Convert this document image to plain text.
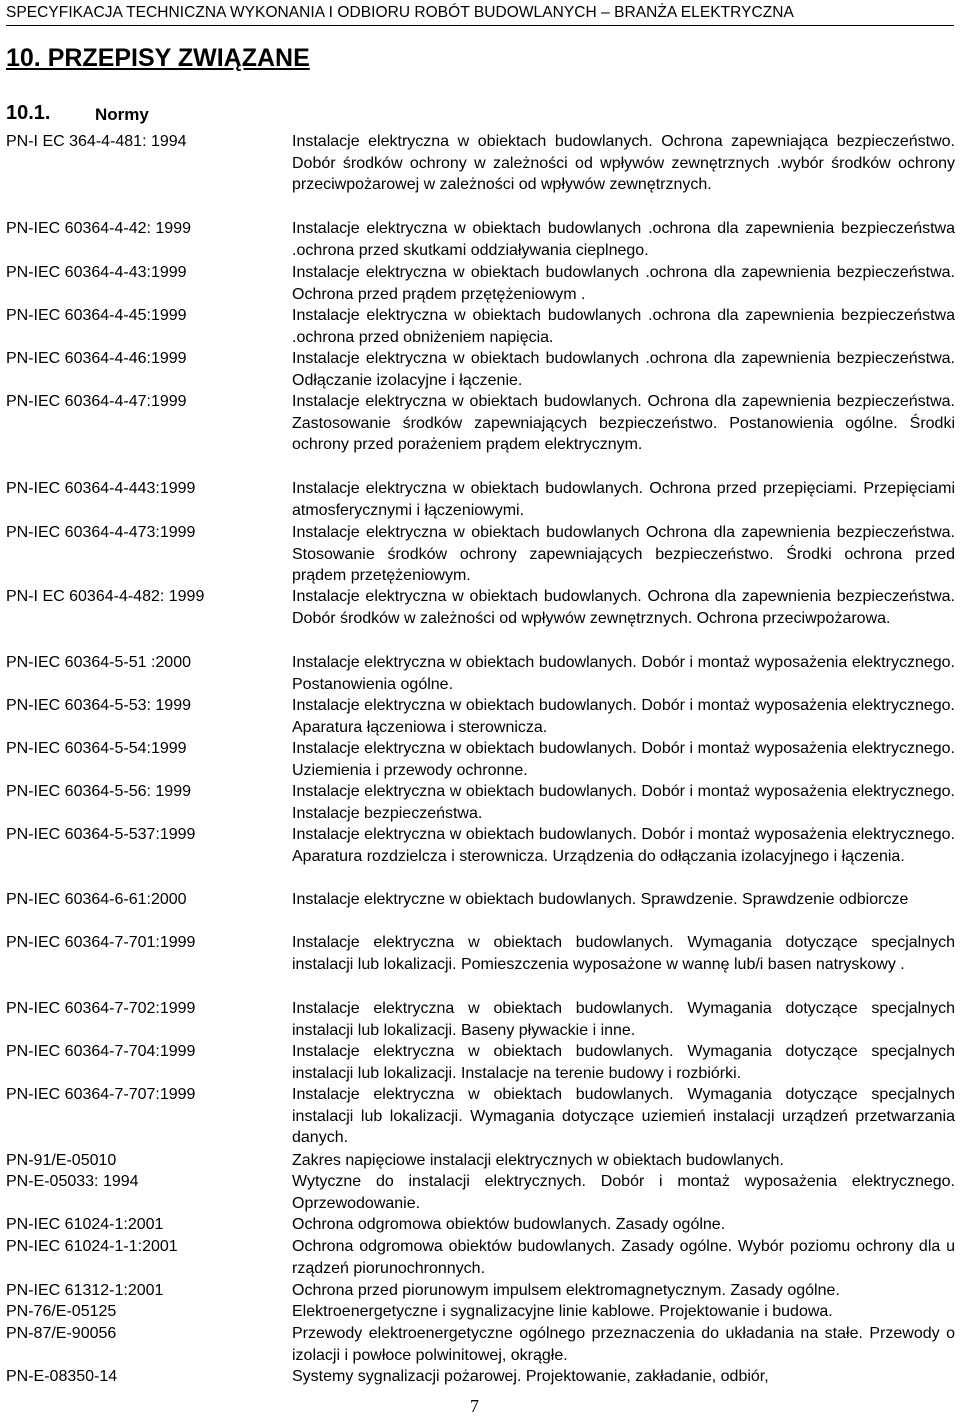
SPECYFIKACJA TECHNICZNA WYKONANIA I ODBIORU ROBÓT BUDOWLANYCH – BRANŻA ELEKTRYCZNA
10. PRZEPISY ZWIĄZANE
10.1.	Normy
PN-I EC 364-4-481: 1994	Instalacje elektryczna w obiektach budowlanych. Ochrona zapewniająca bezpieczeństwo. Dobór środków ochrony w zależności od wpływów zewnętrznych .wybór środków ochrony przeciwpożarowej w zależności od wpływów zewnętrznych.
PN-IEC 60364-4-42: 1999	Instalacje elektryczna w obiektach budowlanych .ochrona dla zapewnienia bezpieczeństwa .ochrona przed skutkami oddziaływania cieplnego.
PN-IEC 60364-4-43:1999	Instalacje elektryczna w obiektach budowlanych .ochrona dla zapewnienia bezpieczeństwa. Ochrona przed prądem przętężeniowym .
PN-IEC 60364-4-45:1999	Instalacje elektryczna w obiektach budowlanych .ochrona dla zapewnienia bezpieczeństwa .ochrona przed obniżeniem napięcia.
PN-IEC 60364-4-46:1999	Instalacje elektryczna w obiektach budowlanych .ochrona dla zapewnienia bezpieczeństwa. Odłączanie izolacyjne i łączenie.
PN-IEC 60364-4-47:1999	Instalacje elektryczna w obiektach budowlanych. Ochrona dla zapewnienia bezpieczeństwa. Zastosowanie środków zapewniających bezpieczeństwo. Postanowienia ogólne. Środki ochrony przed porażeniem prądem elektrycznym.
PN-IEC 60364-4-443:1999	Instalacje elektryczna w obiektach budowlanych. Ochrona przed przepięciami. Przepięciami atmosferycznymi i łączeniowymi.
PN-IEC 60364-4-473:1999	Instalacje elektryczna w obiektach budowlanych Ochrona dla zapewnienia bezpieczeństwa. Stosowanie środków ochrony zapewniających bezpieczeństwo. Środki ochrona przed prądem przetężeniowym.
PN-I EC 60364-4-482: 1999	Instalacje elektryczna w obiektach budowlanych. Ochrona dla zapewnienia bezpieczeństwa. Dobór środków w zależności od wpływów zewnętrznych. Ochrona przeciwpożarowa.
PN-IEC 60364-5-51 :2000	Instalacje elektryczna w obiektach budowlanych. Dobór i montaż wyposażenia elektrycznego. Postanowienia ogólne.
PN-IEC 60364-5-53: 1999	Instalacje elektryczna w obiektach budowlanych. Dobór i montaż wyposażenia elektrycznego. Aparatura łączeniowa i sterownicza.
PN-IEC 60364-5-54:1999	Instalacje elektryczna w obiektach budowlanych. Dobór i montaż wyposażenia elektrycznego. Uziemienia i przewody ochronne.
PN-IEC 60364-5-56: 1999	Instalacje elektryczna w obiektach budowlanych. Dobór i montaż wyposażenia elektrycznego. Instalacje bezpieczeństwa.
PN-IEC 60364-5-537:1999	Instalacje elektryczna w obiektach budowlanych. Dobór i montaż wyposażenia elektrycznego. Aparatura rozdzielcza i sterownicza. Urządzenia do odłączania izolacyjnego i łączenia.
PN-IEC 60364-6-61:2000	Instalacje elektryczne w obiektach budowlanych. Sprawdzenie. Sprawdzenie odbiorcze
PN-IEC 60364-7-701:1999	Instalacje elektryczna w obiektach budowlanych. Wymagania dotyczące specjalnych instalacji lub lokalizacji. Pomieszczenia wyposażone w wannę lub/i basen natryskowy .
PN-IEC 60364-7-702:1999	Instalacje elektryczna w obiektach budowlanych. Wymagania dotyczące specjalnych instalacji lub lokalizacji. Baseny pływackie i inne.
PN-IEC 60364-7-704:1999	Instalacje elektryczna w obiektach budowlanych. Wymagania dotyczące specjalnych instalacji lub lokalizacji. Instalacje na terenie budowy i rozbiórki.
PN-IEC 60364-7-707:1999	Instalacje elektryczna w obiektach budowlanych. Wymagania dotyczące specjalnych instalacji lub lokalizacji. Wymagania dotyczące uziemień instalacji urządzeń przetwarzania danych.
PN-91/E-05010	Zakres napięciowe instalacji elektrycznych w obiektach budowlanych.
PN-E-05033: 1994	Wytyczne do instalacji elektrycznych. Dobór i montaż wyposażenia elektrycznego. Oprzewodowanie.
PN-IEC 61024-1:2001	Ochrona odgromowa obiektów budowlanych. Zasady ogólne.
PN-IEC 61024-1-1:2001	Ochrona odgromowa obiektów budowlanych. Zasady ogólne. Wybór poziomu ochrony dla u rządzeń piorunochronnych.
PN-IEC 61312-1:2001	Ochrona przed piorunowym impulsem elektromagnetycznym. Zasady ogólne.
PN-76/E-05125	Elektroenergetyczne i sygnalizacyjne linie kablowe. Projektowanie i budowa.
PN-87/E-90056	Przewody elektroenergetyczne ogólnego przeznaczenia do układania na stałe. Przewody o izolacji i powłoce polwinitowej, okrągłe.
PN-E-08350-14	Systemy sygnalizacji pożarowej. Projektowanie, zakładanie, odbiór,
7
